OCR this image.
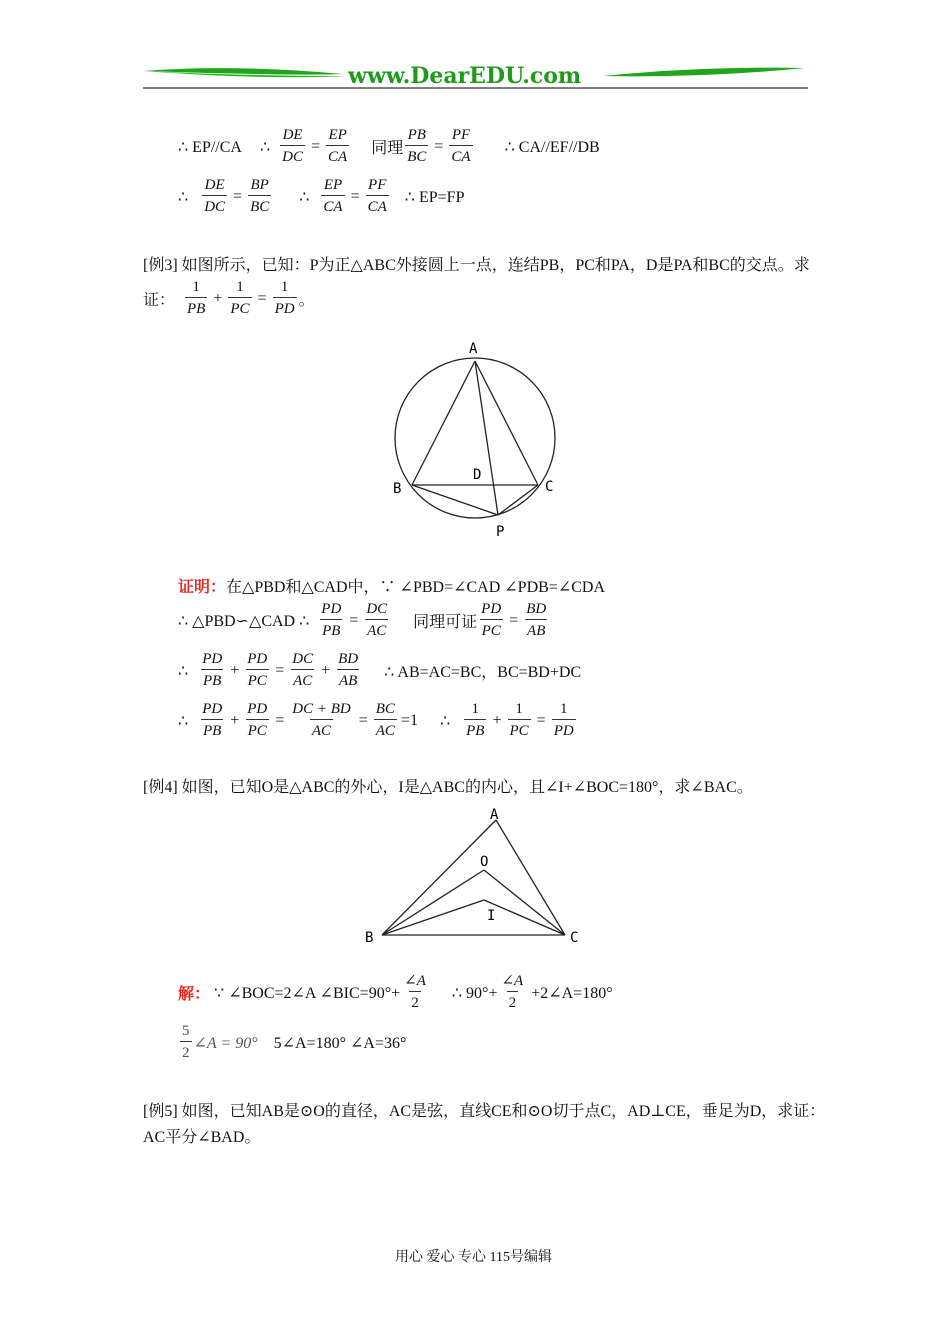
www.DearEDU.com
∴ EP//CA ∴ $\frac{DE}{DC} = \frac{EP}{CA}$ 同理 $\frac{PB}{BC} = \frac{PF}{CA}$ ∴ CA//EF//DB
∴ $\frac{DE}{DC} = \frac{BP}{BC}$ ∴ $\frac{EP}{CA} = \frac{PF}{CA}$ ∴ EP=FP
[例3] 如图所示，已知：P为正△ABC外接圆上一点，连结PB，PC和PA，D是PA和BC的交点。求
证： $\frac{1}{PB} + \frac{1}{PC} = \frac{1}{PD}$ 。
A
B	C
D
P
证明： 在△PBD和△CAD中，∵ ∠PBD=∠CAD ∠PDB=∠CDA
∴ △PBD∽△CAD ∴ $\frac{PD}{PB} = \frac{DC}{AC}$ 同理可证 $\frac{PD}{PC} = \frac{BD}{AB}$
∴ $\frac{PD}{PB} + \frac{PD}{PC} = \frac{DC}{AC} + \frac{BD}{AB}$ ∴ AB=AC=BC，BC=BD+DC
∴ $\frac{PD}{PB} + \frac{PD}{PC} = \frac{DC + BD}{AC} = \frac{BC}{AC} =1$ ∴ $\frac{1}{PB} + \frac{1}{PC} = \frac{1}{PD}$
[例4] 如图，已知O是△ABC的外心，I是△ABC的内心，且∠I+∠BOC=180°，求∠BAC。
A
O
I
B	C
解： ∵ ∠BOC=2∠A ∠BIC=90°+ $\frac{\angle A}{2}$ ∴ $90^\circ+ \frac{\angle A}{2}$ +2∠A=180°
$\frac{5}{2}$ ∠A = 90° 5∠A=180° ∠A=36°
[例5] 如图，已知AB是⊙O的直径，AC是弦，直线CE和⊙O切于点C，AD⊥CE，垂足为D，求证：
AC平分∠BAD。
用心 爱心 专心 115号编辑
